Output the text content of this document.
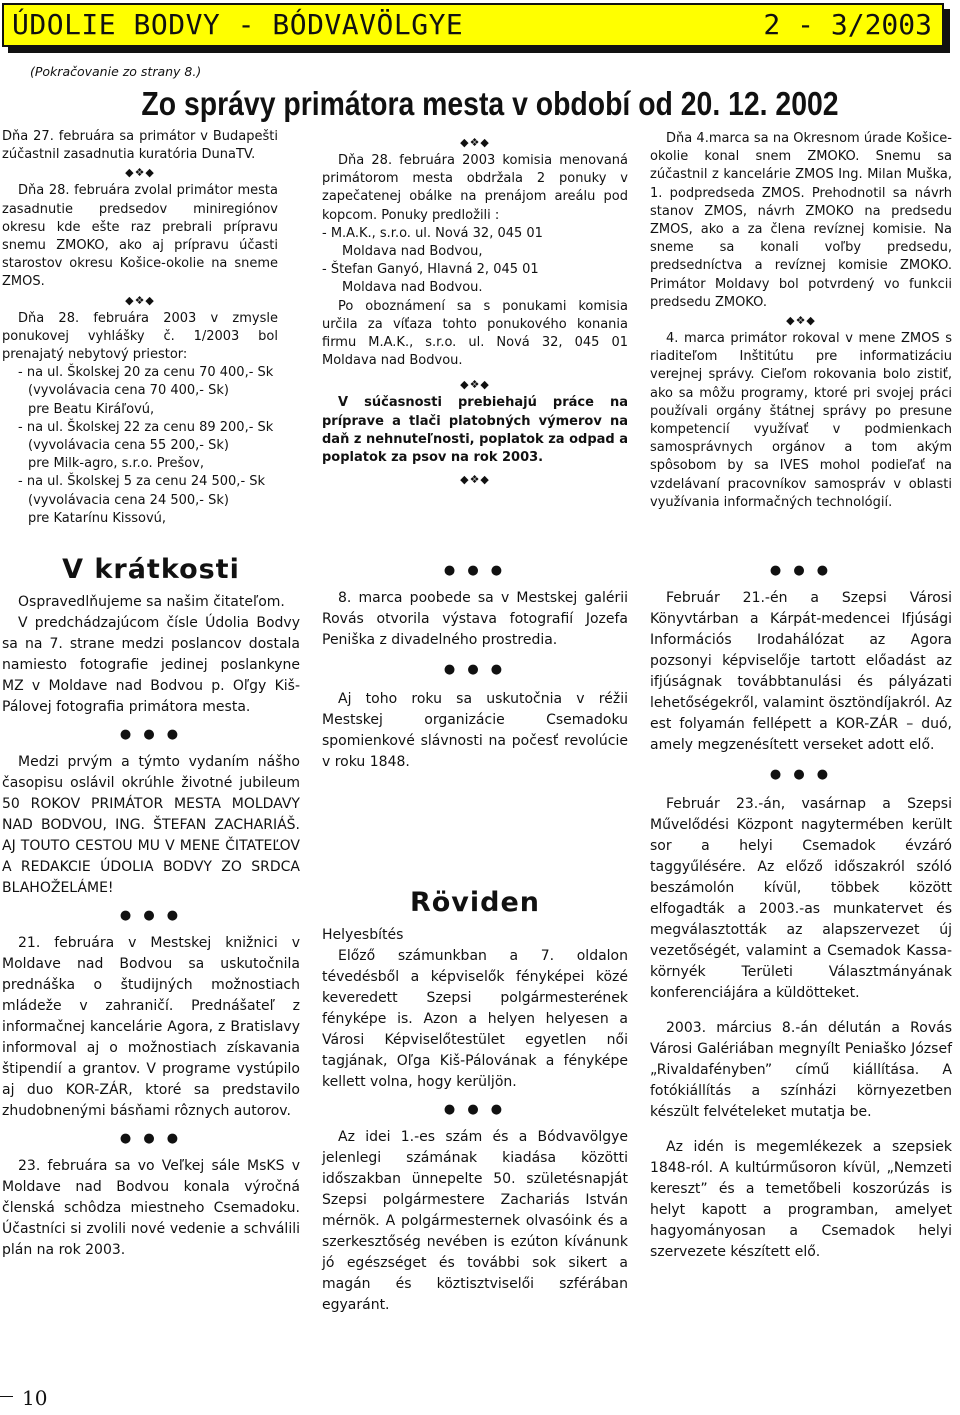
ÚDOLIE BODVY - BÓDVAVÖLGYE	2 - 3/2003
(Pokračovanie zo strany 8.)
Zo správy primátora mesta v období od 20. 12. 2002

Dňa 27. februára sa primátor v Budapešti zúčastnil zasadnutia kuratória DunaTV.

◆❖◆

Dňa 28. februára zvolal primátor mesta zasadnutie predsedov miniregiónov okresu kde ešte raz prebrali prípravu snemu ZMOKO, ako aj prípravu účasti starostov okresu Košice-okolie na sneme ZMOS.

◆❖◆

Dňa 28. februára 2003 v zmysle ponukovej vyhlášky č. 1/2003 bol prenajatý nebytový priestor:

- na ul. Školskej 20 za cenu 70 400,- Sk
(vyvolávacia cena 70 400,- Sk)
pre Beatu Kiráľovú,
- na ul. Školskej 22 za cenu 89 200,- Sk
(vyvolávacia cena 55 200,- Sk)
pre Milk-agro, s.r.o. Prešov,
- na ul. Školskej 5 za cenu 24 500,- Sk
(vyvolávacia cena 24 500,- Sk)
pre Katarínu Kissovú,
◆❖◆

Dňa 28. februára 2003 komisia menovaná primátorom mesta obdržala 2 ponuky v zapečatenej obálke na prenájom areálu pod kopcom. Ponuky predložili :

- M.A.K., s.r.o. ul. Nová 32, 045 01
Moldava nad Bodvou,
- Štefan Ganyó, Hlavná 2, 045 01
Moldava nad Bodvou.

Po oboznámení sa s ponukami komisia určila za víťaza tohto ponukového konania firmu M.A.K., s.r.o. ul. Nová 32, 045 01 Moldava nad Bodvou.

◆❖◆

V súčasnosti prebiehajú práce na príprave a tlači platobných výmerov na daň z nehnuteľnosti, poplatok za odpad a poplatok za psov na rok 2003.

◆❖◆

Dňa 4.marca sa na Okresnom úrade Košice-okolie konal snem ZMOKO. Snemu sa zúčastnil z kancelárie ZMOS Ing. Milan Muška, 1. podpredseda ZMOS. Prehodnotil sa návrh stanov ZMOS, návrh ZMOKO na predsedu ZMOS, ako a za člena revíznej komisie. Na sneme sa konali voľby predsedu, predsedníctva a revíznej komisie ZMOKO. Primátor Moldavy bol potvrdený vo funkcii predsedu ZMOKO.

◆❖◆

4. marca primátor rokoval v mene ZMOS s riaditeľom Inštitútu pre informatizáciu verejnej správy. Cieľom rokovania bolo zistiť, ako sa môžu programy, ktoré pri svojej práci používali orgány štátnej správy po presune kompetencií využívať v podmienkach samosprávnych orgánov a tom akým spôsobom by sa IVES mohol podieľať na vzdelávaní pracovníkov samospráv v oblasti využívania informačných technológií.

V krátkosti

Ospravedlňujeme sa našim čitateľom.

V predchádzajúcom čísle Údolia Bodvy sa na 7. strane medzi poslancov dostala namiesto fotografie jedinej poslankyne MZ v Moldave nad Bodvou p. Oľgy Kiš-Pálovej fotografia primátora mesta.

● ● ●

Medzi prvým a týmto vydaním nášho časopisu oslávil okrúhle životné jubileum 50 ROKOV PRIMÁTOR MESTA MOLDAVY NAD BODVOU, ING. ŠTEFAN ZACHARIÁŠ. AJ TOUTO CESTOU MU V MENE ČITATEĽOV A REDAKCIE ÚDOLIA BODVY ZO SRDCA BLAHOŽELÁME!

● ● ●

21. februára v Mestskej knižnici v Moldave nad Bodvou sa uskutočnila prednáška o študijných možnostiach mládeže v zahraničí. Prednášateľ z informačnej kancelárie Agora, z Bratislavy informoval aj o možnostiach získavania štipendií a grantov. V programe vystúpilo aj duo KOR-ZÁR, ktoré sa predstavilo zhudobnenými básňami rôznych autorov.

● ● ●

23. februára sa vo Veľkej sále MsKS v Moldave nad Bodvou konala výročná členská schôdza miestneho Csemadoku. Účastníci si zvolili nové vedenie a schválili plán na rok 2003.

● ● ●

8. marca poobede sa v Mestskej galérii Rovás otvorila výstava fotografií Jozefa Peniška z divadelného prostredia.

● ● ●

Aj toho roku sa uskutočnia v réžii Mestskej organizácie Csemadoku spomienkové slávnosti na počesť revolúcie v roku 1848.

Röviden

Helyesbítés

Előző számunkban a 7. oldalon tévedésből a képviselők fényképei közé keveredett Szepsi polgármesterének fényképe is. Azon a helyen helyesen a Városi Képviselőtestület egyetlen női tagjának, Oľga Kiš-Pálovának a fényképe kellett volna, hogy kerüljön.

● ● ●

Az idei 1.-es szám és a Bódvavölgye jelenlegi számának kiadása közötti időszakban ünnepelte 50. születésnapját Szepsi polgármestere Zachariás István mérnök. A polgármesternek olvasóink és a szerkesztőség nevében is ezúton kívánunk jó egészséget és további sok sikert a magán és köztisztviselői szférában egyaránt.

● ● ●

Február 21.-én a Szepsi Városi Könyvtárban a Kárpát-medencei Ifjúsági Információs Irodahálózat az Agora pozsonyi képviselője tartott előadást az ifjúságnak továbbtanulási és pályázati lehetőségekről, valamint ösztöndíjakról. Az est folyamán fellépett a KOR-ZÁR – duó, amely megzenésített verseket adott elő.

● ● ●

Február 23.-án, vasárnap a Szepsi Művelődési Központ nagytermében került sor a helyi Csemadok évzáró taggyűlésére. Az előző időszakról szóló beszámolón kívül, többek között elfogadták a 2003.-as munkatervet és megválasztották az alapszervezet új vezetőségét, valamint a Csemadok Kassa-környék Területi Választmányának konferenciájára a küldötteket.

2003. március 8.-án délután a Rovás Városi Galériában megnyílt Peniaško József „Rivaldafényben” című kiállítása. A fotókiállítás a színházi környezetben készült felvételeket mutatja be.

Az idén is megemlékezek a szepsiek 1848-ról. A kultúrműsoron kívül, „Nemzeti kereszt” és a temetőbeli koszorúzás is helyt kapott a programban, amelyet hagyományosan a Csemadok helyi szervezete készített elő.

10
